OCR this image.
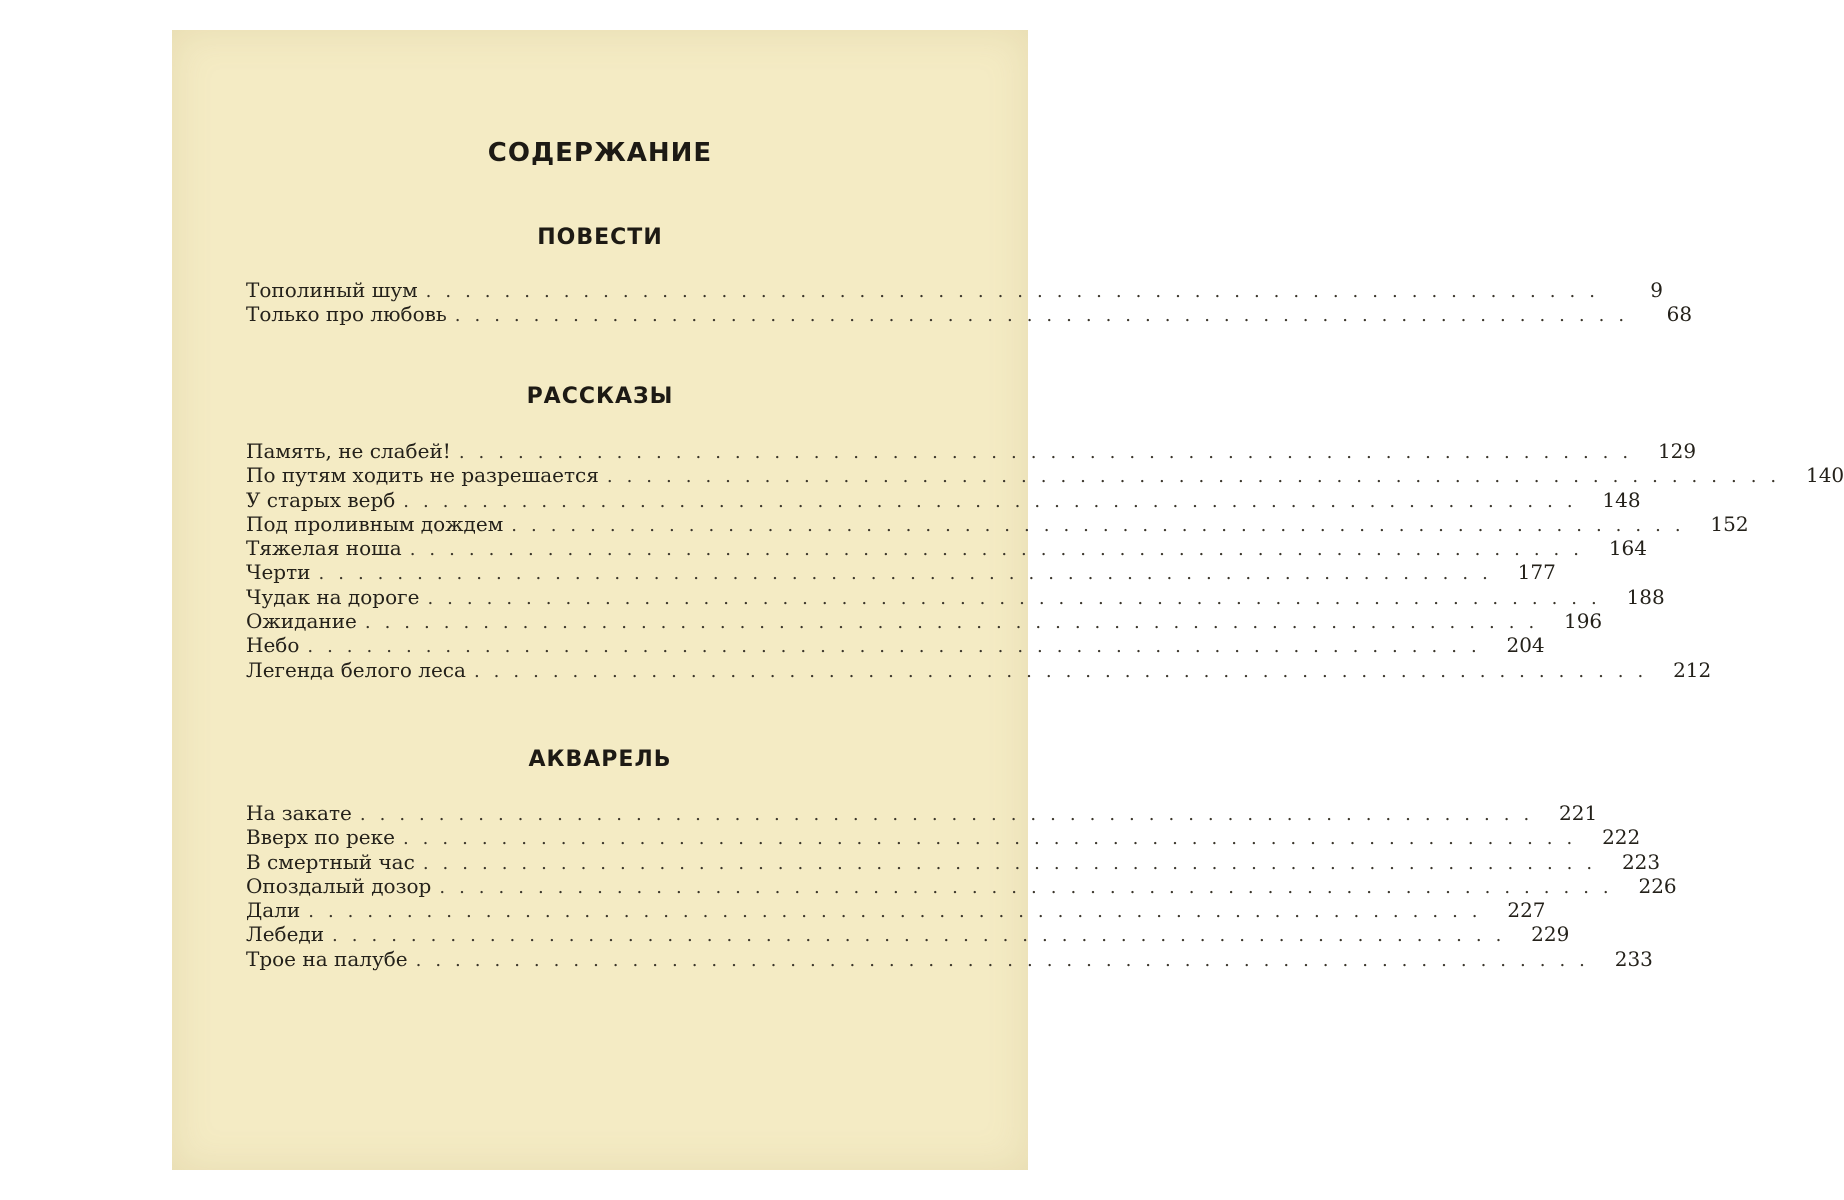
СОДЕРЖАНИЕ
ПОВЕСТИ
Тополиный шум ............................................................	9
Только про любовь ............................................................	68
РАССКАЗЫ
Память, не слабей! ............................................................ 129
По путям ходить не разрешается ............................................................ 140
У старых верб ............................................................ 148
Под проливным дождем ............................................................ 152
Тяжелая ноша ............................................................ 164
Черти ............................................................ 177
Чудак на дороге ............................................................ 188
Ожидание ............................................................ 196
Небо ............................................................ 204
Легенда белого леса ............................................................ 212
АКВАРЕЛЬ
На закате ............................................................ 221
Вверх по реке ............................................................ 222
В смертный час ............................................................ 223
Опоздалый дозор ............................................................ 226
Дали ............................................................ 227
Лебеди ............................................................ 229
Трое на палубе ............................................................ 233
